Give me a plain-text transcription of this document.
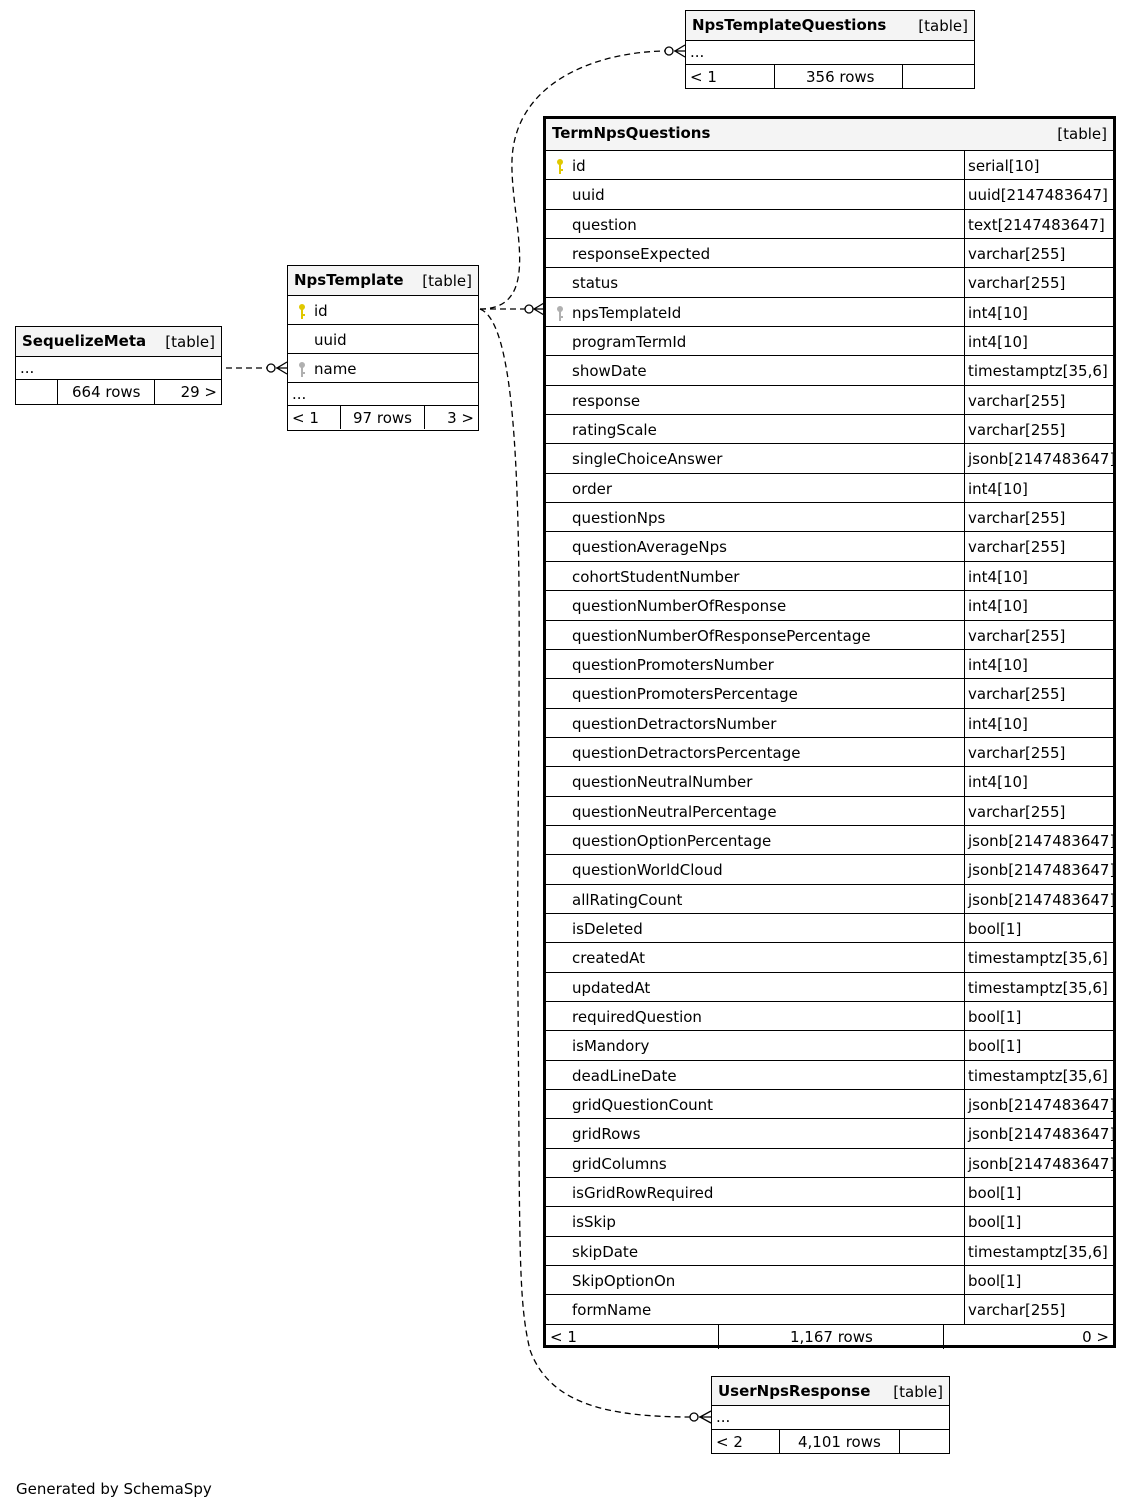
NpsTemplateQuestions [table]
...
< 1	356 rows
SequelizeMeta [table]
...
664 rows	29 >
NpsTemplate [table]
id
uuid
name
...
< 1 97 rows 3 >
TermNpsQuestions	[table]
id	serial[10]
uuid	uuid[2147483647]
question	text[2147483647]
responseExpected	varchar[255]
status	varchar[255]
npsTemplateId	int4[10]
programTermId	int4[10]
showDate	timestamptz[35,6]
response	varchar[255]
ratingScale	varchar[255]
singleChoiceAnswer	jsonb[2147483647]
order	int4[10]
questionNps	varchar[255]
questionAverageNps	varchar[255]
cohortStudentNumber	int4[10]
questionNumberOfResponse	int4[10]
questionNumberOfResponsePercentage	varchar[255]
questionPromotersNumber	int4[10]
questionPromotersPercentage	varchar[255]
questionDetractorsNumber	int4[10]
questionDetractorsPercentage	varchar[255]
questionNeutralNumber	int4[10]
questionNeutralPercentage	varchar[255]
questionOptionPercentage	jsonb[2147483647]
questionWorldCloud	jsonb[2147483647]
allRatingCount	jsonb[2147483647]
isDeleted	bool[1]
createdAt	timestamptz[35,6]
updatedAt	timestamptz[35,6]
requiredQuestion	bool[1]
isMandory	bool[1]
deadLineDate	timestamptz[35,6]
gridQuestionCount	jsonb[2147483647]
gridRows	jsonb[2147483647]
gridColumns	jsonb[2147483647]
isGridRowRequired	bool[1]
isSkip	bool[1]
skipDate	timestamptz[35,6]
SkipOptionOn	bool[1]
formName	varchar[255]
< 1	1,167 rows	0 >
UserNpsResponse [table]
...
< 2	4,101 rows
Generated by SchemaSpy
